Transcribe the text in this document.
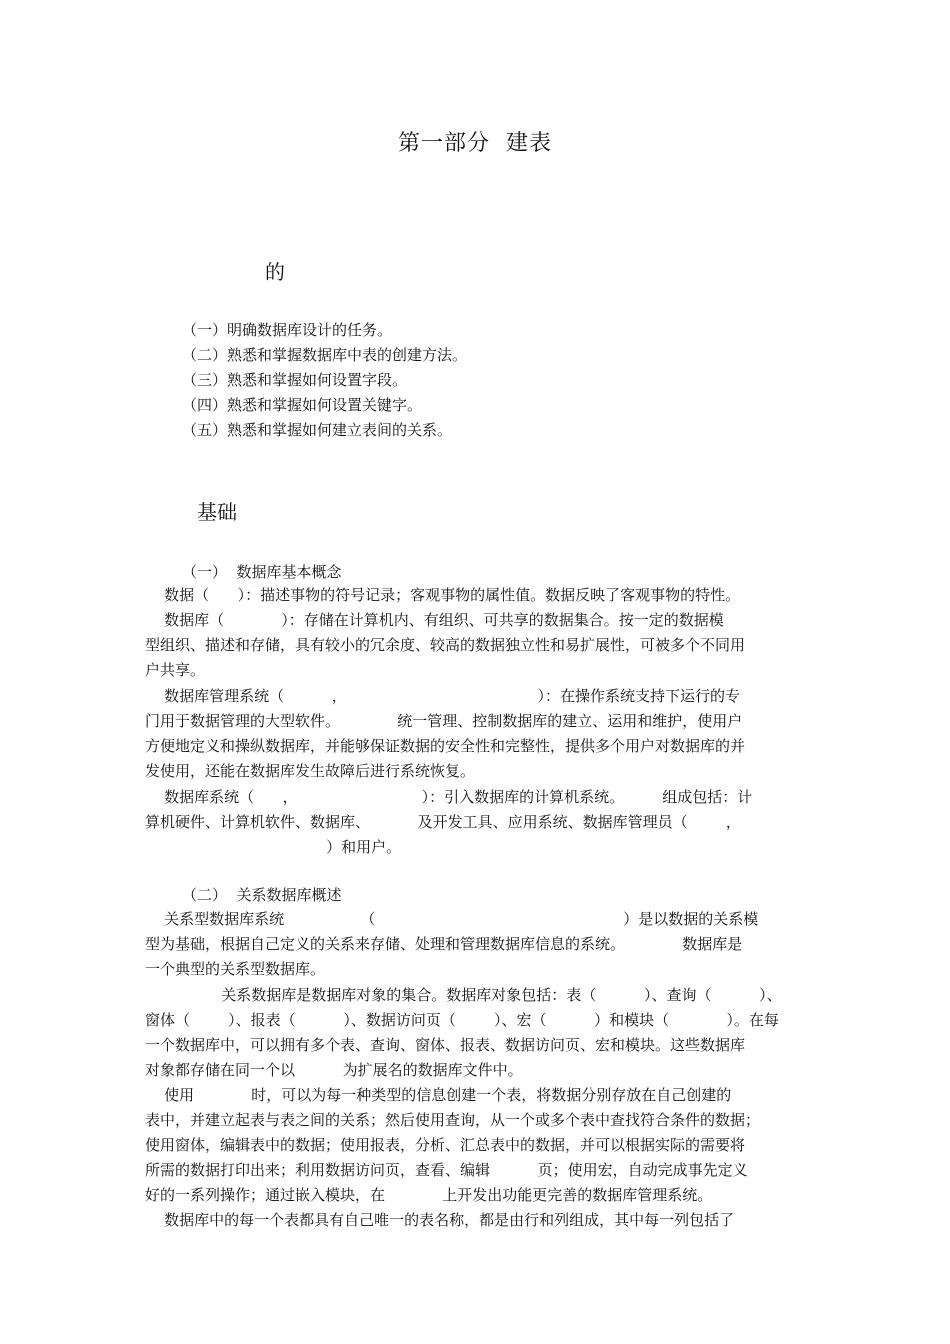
第一部分  建表
的
（一）明确数据库设计的任务。
（二）熟悉和掌握数据库中表的创建方法。
（三）熟悉和掌握如何设置字段。
（四）熟悉和掌握如何设置关键字。
（五）熟悉和掌握如何建立表间的关系。
基础
（一）  数据库基本概念
数据（      ）：描述事物的符号记录；客观事物的属性值。数据反映了客观事物的特性。
数据库（            ）：存储在计算机内、有组织、可共享的数据集合。按一定的数据模
型组织、描述和存储，具有较小的冗余度、较高的数据独立性和易扩展性，可被多个不同用
户共享。
数据库管理系统（          ，                                        ）：在操作系统支持下运行的专
门用于数据管理的大型软件。            统一管理、控制数据库的建立、运用和维护，使用户
方便地定义和操纵数据库，并能够保证数据的安全性和完整性，提供多个用户对数据库的并
发使用，还能在数据库发生故障后进行系统恢复。
数据库系统（      ，                          ）：引入数据库的计算机系统。        组成包括：计
算机硬件、计算机软件、数据库、          及开发工具、应用系统、数据库管理员（        ，
）和用户。
（二）  关系数据库概述
关系型数据库系统                （                                                    ）是以数据的关系模
型为基础，根据自己定义的关系来存储、处理和管理数据库信息的系统。            数据库是
一个典型的关系型数据库。
关系数据库是数据库对象的集合。数据库对象包括：表（          ）、查询（          ）、
窗体（        ）、报表（          ）、数据访问页（        ）、宏（          ）和模块（            ）。在每
一个数据库中，可以拥有多个表、查询、窗体、报表、数据访问页、宏和模块。这些数据库
对象都存储在同一个以          为扩展名的数据库文件中。
使用            时，可以为每一种类型的信息创建一个表，将数据分别存放在自己创建的
表中，并建立起表与表之间的关系；然后使用查询，从一个或多个表中查找符合条件的数据；
使用窗体，编辑表中的数据；使用报表，分析、汇总表中的数据，并可以根据实际的需要将
所需的数据打印出来；利用数据访问页，查看、编辑          页；使用宏，自动完成事先定义
好的一系列操作；通过嵌入模块，在            上开发出功能更完善的数据库管理系统。
数据库中的每一个表都具有自己唯一的表名称，都是由行和列组成，其中每一列包括了
